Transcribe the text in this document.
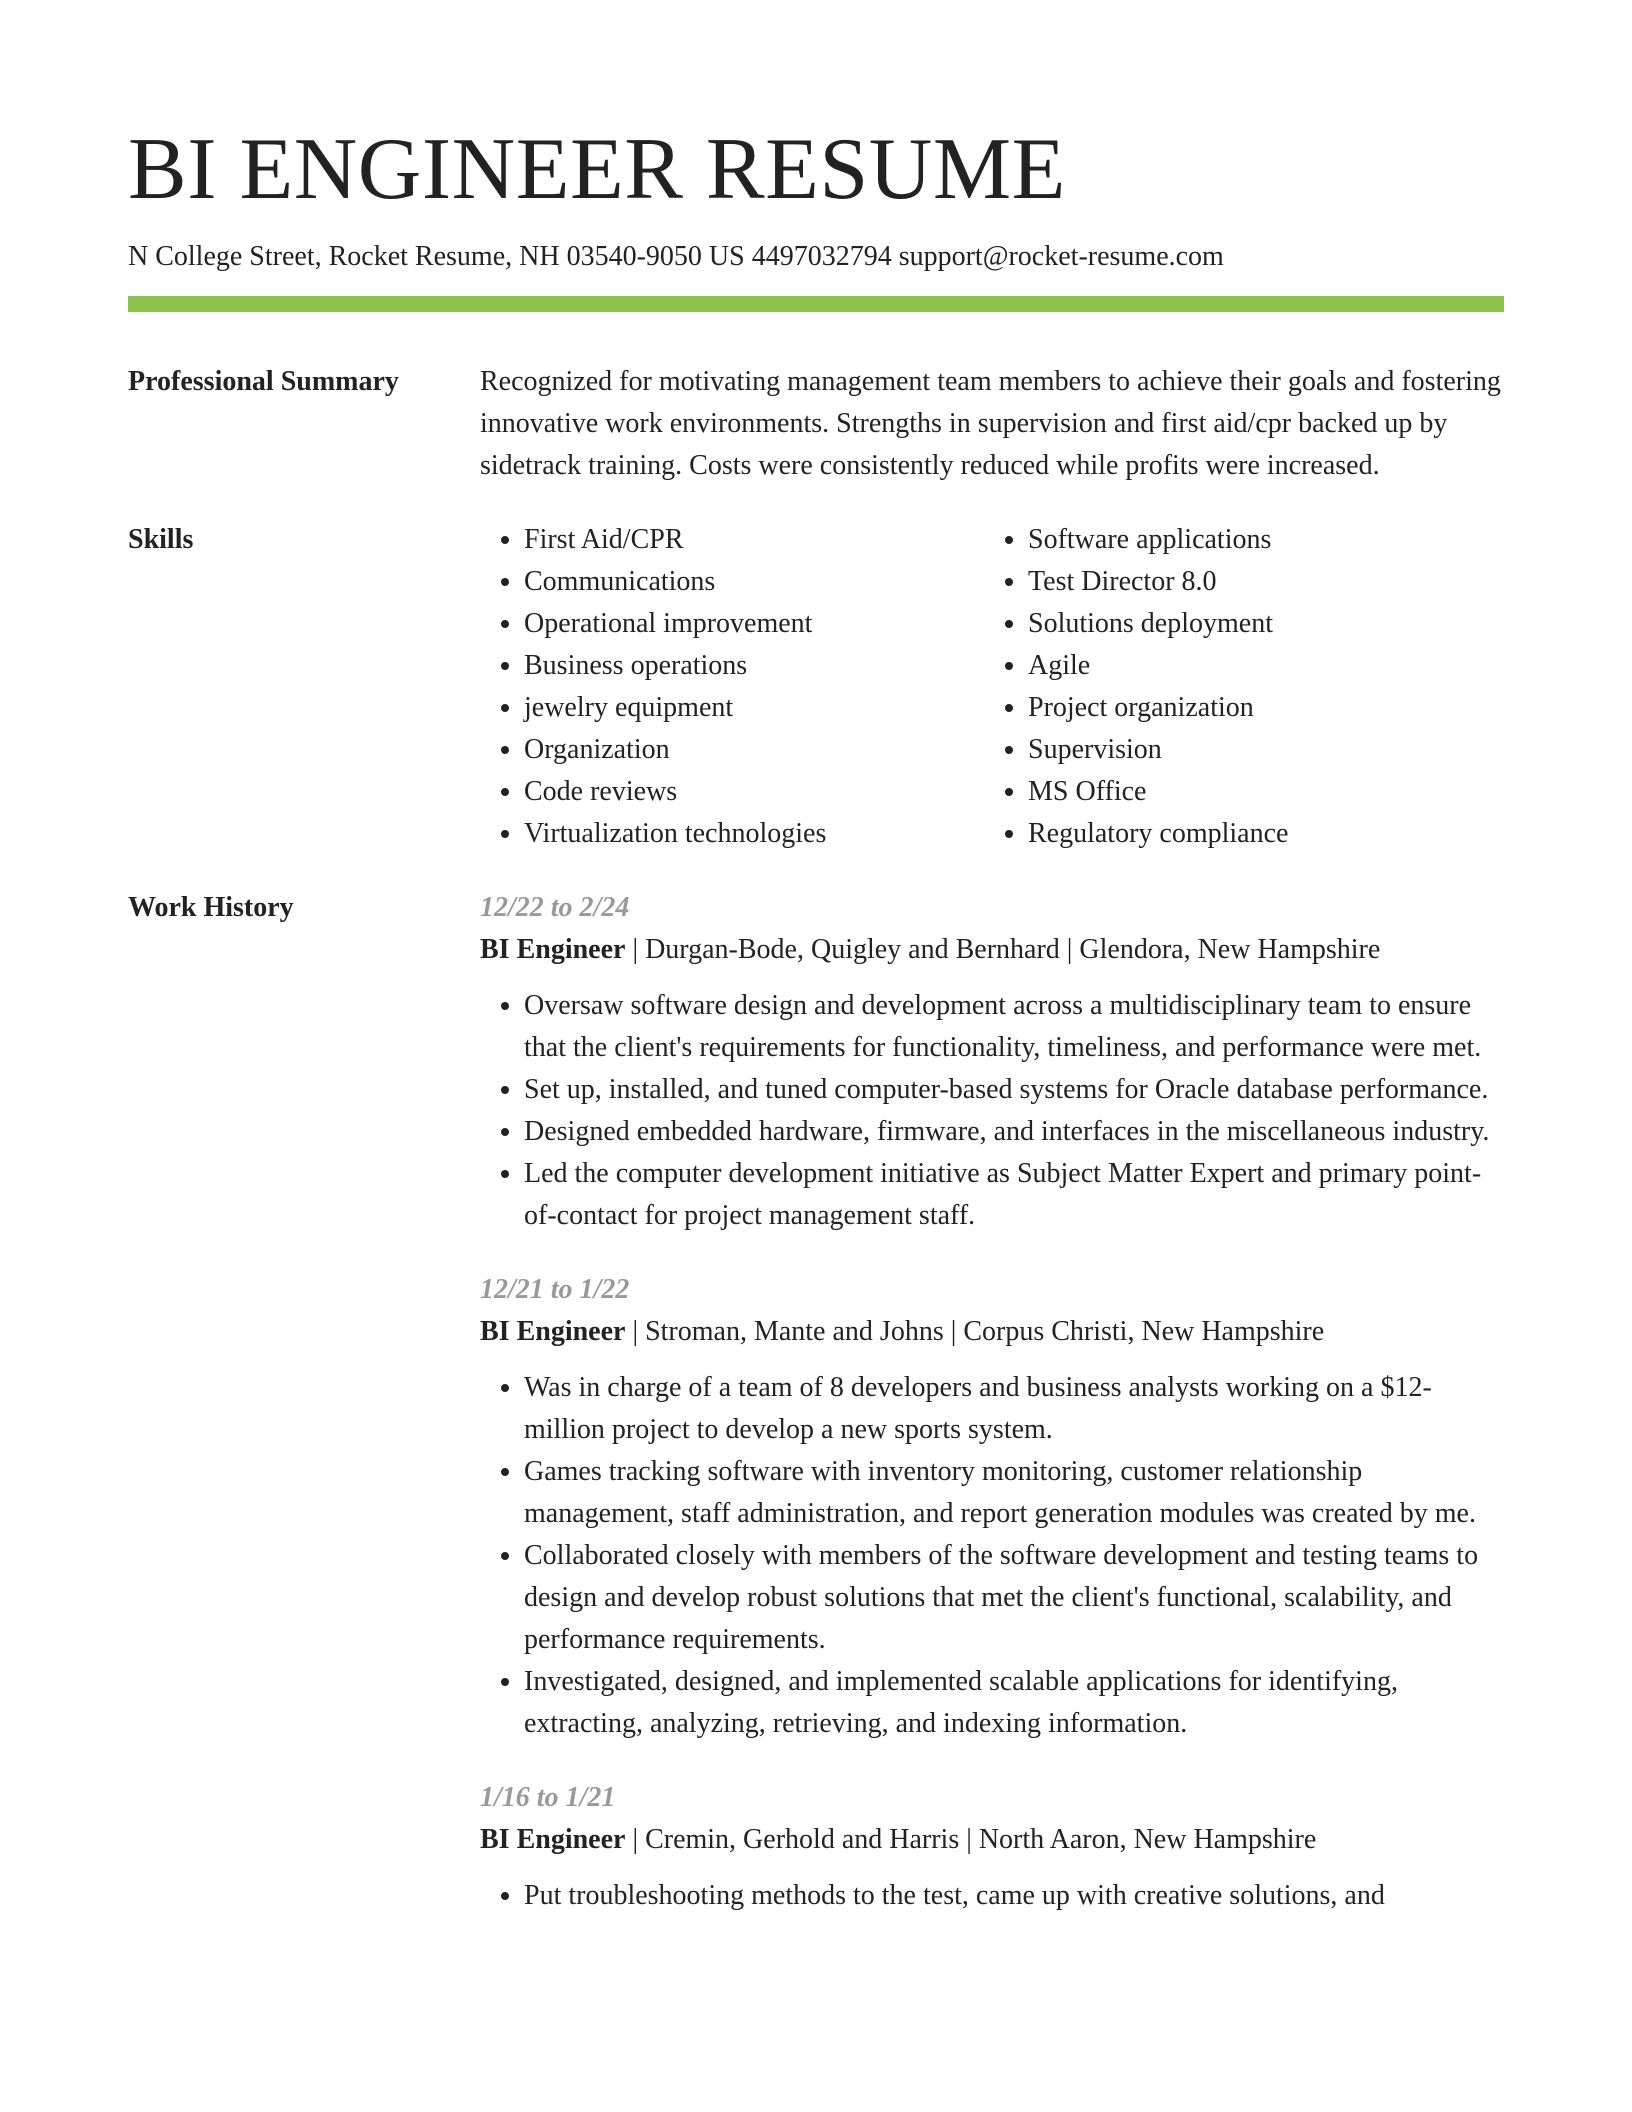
BI ENGINEER RESUME
N College Street, Rocket Resume, NH 03540-9050 US 4497032794 support@rocket-resume.com
Professional Summary	Recognized for motivating management team members to achieve their goals and fostering innovative work environments. Strengths in supervision and first aid/cpr backed up by sidetrack training. Costs were consistently reduced while profits were increased.

Skills
•	First Aid/CPR
• Communications
• Operational improvement
• Business operations
• jewelry equipment
• Organization
• Code reviews
• Virtualization technologies
• Software applications
• Test Director 8.0
• Solutions deployment
• Agile
• Project organization
• Supervision
• MS Office
• Regulatory compliance
Work History	12/22 to 2/24
BI Engineer | Durgan-Bode, Quigley and Bernhard | Glendora, New Hampshire
• Oversaw software design and development across a multidisciplinary team to ensure that the client's requirements for functionality, timeliness, and performance were met.
• Set up, installed, and tuned computer-based systems for Oracle database performance.
• Designed embedded hardware, firmware, and interfaces in the miscellaneous industry.
• Led the computer development initiative as Subject Matter Expert and primary point-of-contact for project management staff.
12/21 to 1/22
BI Engineer | Stroman, Mante and Johns | Corpus Christi, New Hampshire
• Was in charge of a team of 8 developers and business analysts working on a $12-million project to develop a new sports system.
• Games tracking software with inventory monitoring, customer relationship management, staff administration, and report generation modules was created by me.
• Collaborated closely with members of the software development and testing teams to design and develop robust solutions that met the client's functional, scalability, and performance requirements.
• Investigated, designed, and implemented scalable applications for identifying, extracting, analyzing, retrieving, and indexing information.
1/16 to 1/21
BI Engineer | Cremin, Gerhold and Harris | North Aaron, New Hampshire
• Put troubleshooting methods to the test, came up with creative solutions, and
